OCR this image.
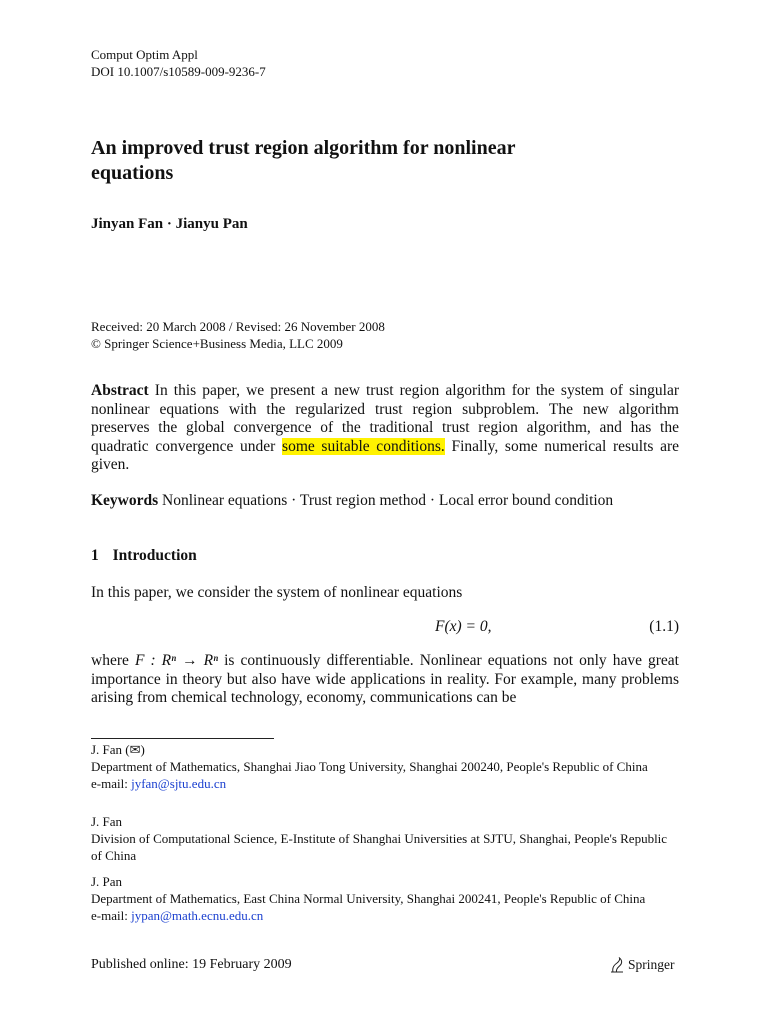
Comput Optim Appl
DOI 10.1007/s10589-009-9236-7
An improved trust region algorithm for nonlinear
equations
Jinyan Fan · Jianyu Pan
Received: 20 March 2008 / Revised: 26 November 2008
© Springer Science+Business Media, LLC 2009
Abstract In this paper, we present a new trust region algorithm for the system of singular nonlinear equations with the regularized trust region subproblem. The new algorithm preserves the global convergence of the traditional trust region algorithm, and has the quadratic convergence under some suitable conditions. Finally, some numerical results are given.
Keywords Nonlinear equations · Trust region method · Local error bound condition
1 Introduction
In this paper, we consider the system of nonlinear equations
F(x) = 0,	(1.1)
where F : Rⁿ → Rⁿ is continuously differentiable. Nonlinear equations not only have great importance in theory but also have wide applications in reality. For example, many problems arising from chemical technology, economy, communications can be
J. Fan (✉)
Department of Mathematics, Shanghai Jiao Tong University, Shanghai 200240, People's Republic of China
e-mail: jyfan@sjtu.edu.cn
J. Fan
Division of Computational Science, E-Institute of Shanghai Universities at SJTU, Shanghai, People's Republic of China
J. Pan
Department of Mathematics, East China Normal University, Shanghai 200241, People's Republic of China
e-mail: jypan@math.ecnu.edu.cn
Published online: 19 February 2009	Springer
